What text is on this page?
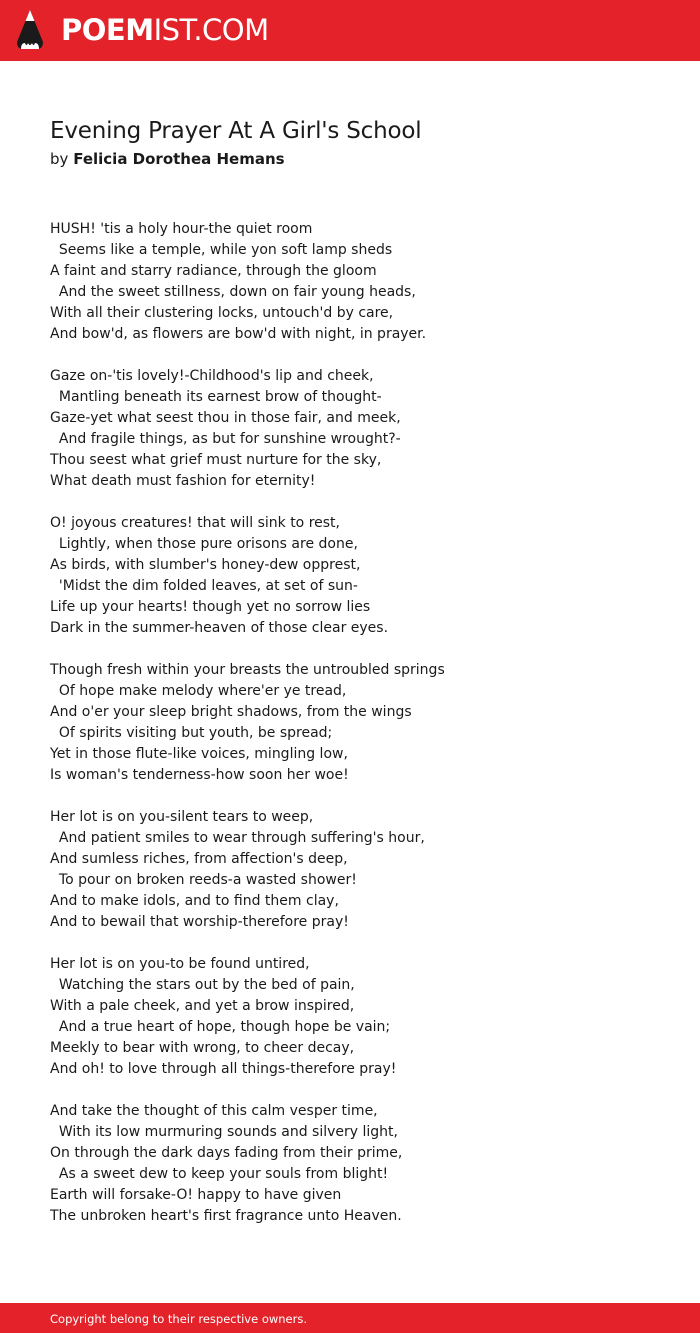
POEMIST.COM
Evening Prayer At A Girl's School
by Felicia Dorothea Hemans
HUSH! 'tis a holy hour-the quiet room
Seems like a temple, while yon soft lamp sheds
A faint and starry radiance, through the gloom
And the sweet stillness, down on fair young heads,
With all their clustering locks, untouch'd by care,
And bow'd, as flowers are bow'd with night, in prayer.
Gaze on-'tis lovely!-Childhood's lip and cheek,
Mantling beneath its earnest brow of thought-
Gaze-yet what seest thou in those fair, and meek,
And fragile things, as but for sunshine wrought?-
Thou seest what grief must nurture for the sky,
What death must fashion for eternity!
O! joyous creatures! that will sink to rest,
Lightly, when those pure orisons are done,
As birds, with slumber's honey-dew opprest,
'Midst the dim folded leaves, at set of sun-
Life up your hearts! though yet no sorrow lies
Dark in the summer-heaven of those clear eyes.
Though fresh within your breasts the untroubled springs
Of hope make melody where'er ye tread,
And o'er your sleep bright shadows, from the wings
Of spirits visiting but youth, be spread;
Yet in those flute-like voices, mingling low,
Is woman's tenderness-how soon her woe!
Her lot is on you-silent tears to weep,
And patient smiles to wear through suffering's hour,
And sumless riches, from affection's deep,
To pour on broken reeds-a wasted shower!
And to make idols, and to find them clay,
And to bewail that worship-therefore pray!
Her lot is on you-to be found untired,
Watching the stars out by the bed of pain,
With a pale cheek, and yet a brow inspired,
And a true heart of hope, though hope be vain;
Meekly to bear with wrong, to cheer decay,
And oh! to love through all things-therefore pray!
And take the thought of this calm vesper time,
With its low murmuring sounds and silvery light,
On through the dark days fading from their prime,
As a sweet dew to keep your souls from blight!
Earth will forsake-O! happy to have given
The unbroken heart's first fragrance unto Heaven.
Copyright belong to their respective owners.
